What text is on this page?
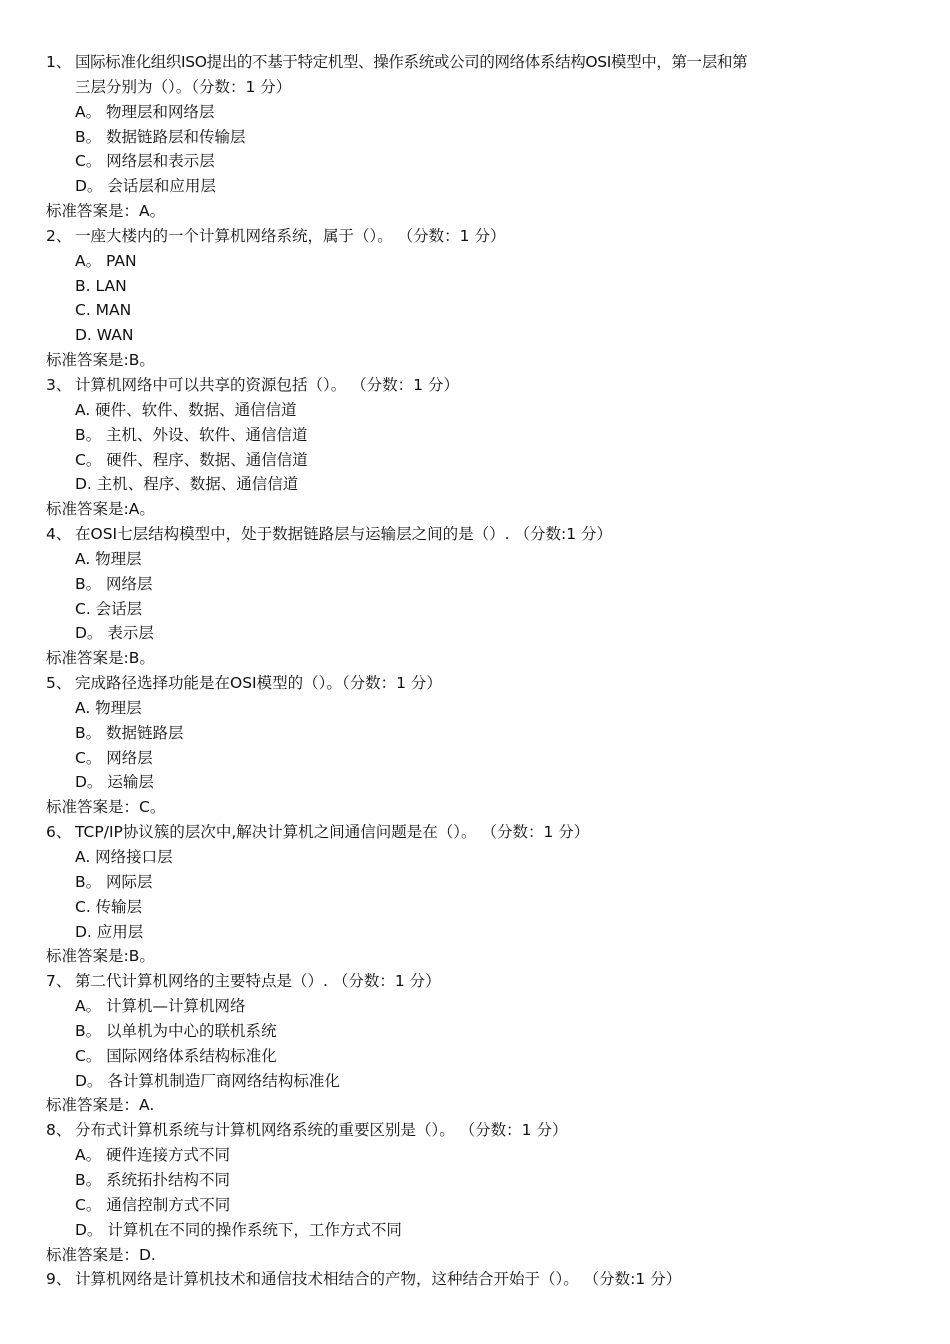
1、 国际标准化组织ISO提出的不基于特定机型、操作系统或公司的网络体系结构OSI模型中，第一层和第
三层分别为（）。（分数：1 分）
A。 物理层和网络层
B。 数据链路层和传输层
C。 网络层和表示层
D。 会话层和应用层
标准答案是：A。
2、 一座大楼内的一个计算机网络系统，属于（）。 （分数：1 分）
A。 PAN
B. LAN
C. MAN
D. WAN
标准答案是:B。
3、 计算机网络中可以共享的资源包括（）。 （分数：1 分）
A. 硬件、软件、数据、通信信道
B。 主机、外设、软件、通信信道
C。 硬件、程序、数据、通信信道
D. 主机、程序、数据、通信信道
标准答案是:A。
4、 在OSI七层结构模型中，处于数据链路层与运输层之间的是（）. （分数:1 分）
A. 物理层
B。 网络层
C. 会话层
D。 表示层
标准答案是:B。
5、 完成路径选择功能是在OSI模型的（）。（分数：1 分）
A. 物理层
B。 数据链路层
C。 网络层
D。 运输层
标准答案是：C。
6、 TCP/IP协议簇的层次中,解决计算机之间通信问题是在（）。 （分数：1 分）
A. 网络接口层
B。 网际层
C. 传输层
D. 应用层
标准答案是:B。
7、 第二代计算机网络的主要特点是（）. （分数：1 分）
A。 计算机—计算机网络
B。 以单机为中心的联机系统
C。 国际网络体系结构标准化
D。 各计算机制造厂商网络结构标准化
标准答案是：A.
8、 分布式计算机系统与计算机网络系统的重要区别是（）。 （分数：1 分）
A。 硬件连接方式不同
B。 系统拓扑结构不同
C。 通信控制方式不同
D。 计算机在不同的操作系统下，工作方式不同
标准答案是：D.
9、 计算机网络是计算机技术和通信技术相结合的产物，这种结合开始于（）。 （分数:1 分）
